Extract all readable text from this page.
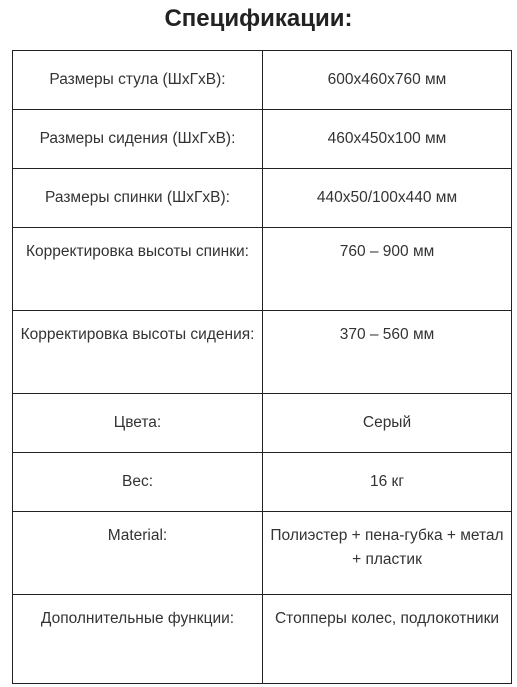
Спецификации:
Размеры стула (ШхГхВ):	600x460x760 мм
Размеры сидения (ШхГхВ):	460x450x100 мм
Размеры спинки (ШхГхВ):	440x50/100x440 мм
Корректировка высоты спинки:	760 – 900 мм
Корректировка высоты сидения:	370 – 560 мм
Цвета:	Серый
Вес:	16 кг
Material:	Полиэстер + пена-губка + метал + пластик
Дополнительные функции:	Стопперы колес, подлокотники
